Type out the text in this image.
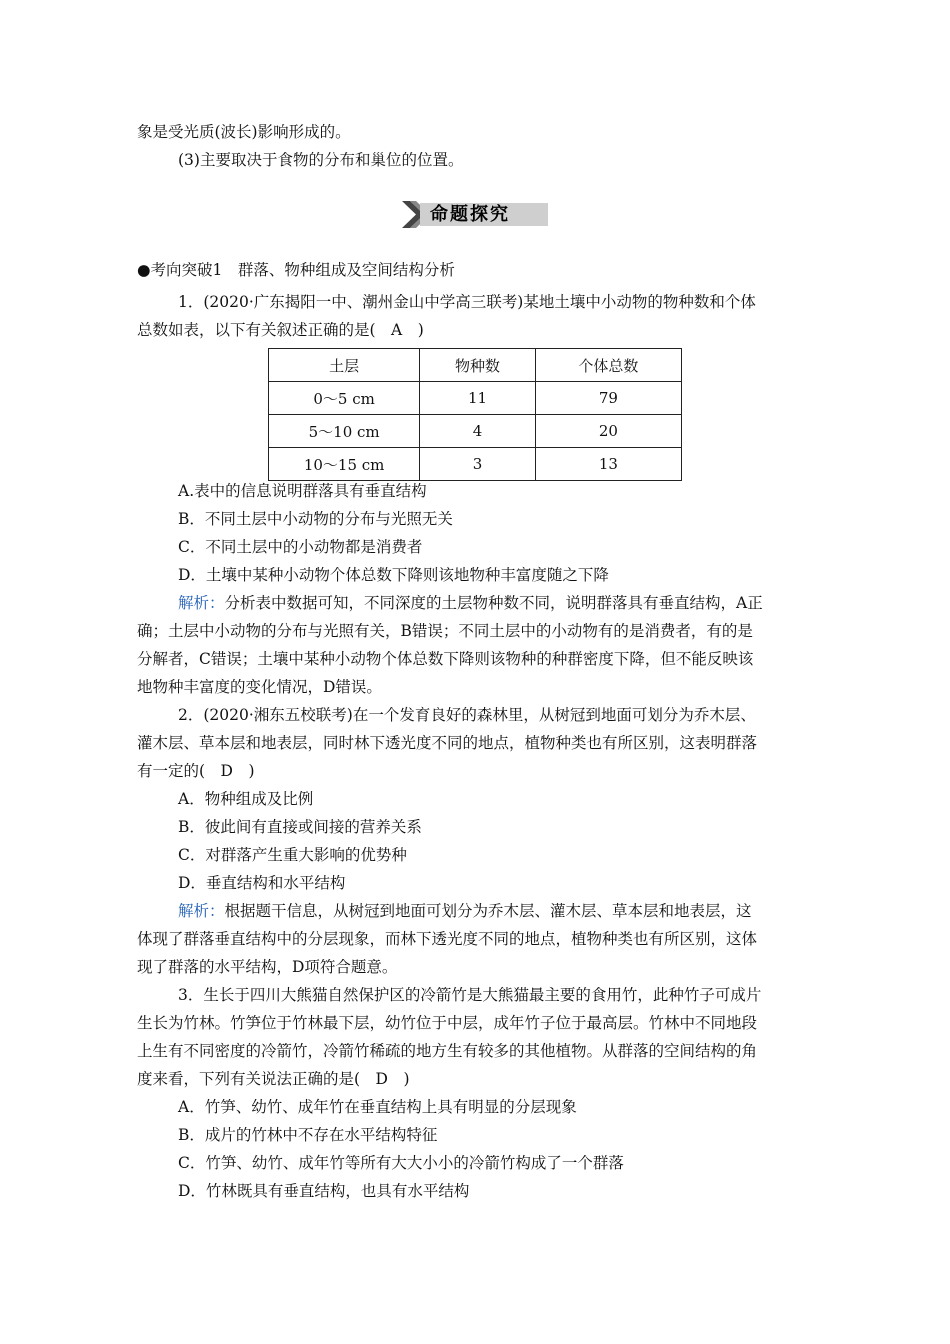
象是受光质(波长)影响形成的。
(3)主要取决于食物的分布和巢位的位置。
命题探究
●考向突破1　群落、物种组成及空间结构分析
1．(2020·广东揭阳一中、潮州金山中学高三联考)某地土壤中小动物的物种数和个体
总数如表，以下有关叙述正确的是(　A　)
土层	物种数	个体总数
0～5 cm	11	79
5～10 cm	4	20
10～15 cm	3	13
A.表中的信息说明群落具有垂直结构
B．不同土层中小动物的分布与光照无关
C．不同土层中的小动物都是消费者
D．土壤中某种小动物个体总数下降则该地物种丰富度随之下降
解析：分析表中数据可知，不同深度的土层物种数不同，说明群落具有垂直结构，A正
确；土层中小动物的分布与光照有关，B错误；不同土层中的小动物有的是消费者，有的是
分解者，C错误；土壤中某种小动物个体总数下降则该物种的种群密度下降，但不能反映该
地物种丰富度的变化情况，D错误。
2．(2020·湘东五校联考)在一个发育良好的森林里，从树冠到地面可划分为乔木层、
灌木层、草本层和地表层，同时林下透光度不同的地点，植物种类也有所区别，这表明群落
有一定的(　D　)
A．物种组成及比例
B．彼此间有直接或间接的营养关系
C．对群落产生重大影响的优势种
D．垂直结构和水平结构
解析：根据题干信息，从树冠到地面可划分为乔木层、灌木层、草本层和地表层，这
体现了群落垂直结构中的分层现象，而林下透光度不同的地点，植物种类也有所区别，这体
现了群落的水平结构，D项符合题意。
3．生长于四川大熊猫自然保护区的冷箭竹是大熊猫最主要的食用竹，此种竹子可成片
生长为竹林。竹笋位于竹林最下层，幼竹位于中层，成年竹子位于最高层。竹林中不同地段
上生有不同密度的冷箭竹，冷箭竹稀疏的地方生有较多的其他植物。从群落的空间结构的角
度来看，下列有关说法正确的是(　D　)
A．竹笋、幼竹、成年竹在垂直结构上具有明显的分层现象
B．成片的竹林中不存在水平结构特征
C．竹笋、幼竹、成年竹等所有大大小小的冷箭竹构成了一个群落
D．竹林既具有垂直结构，也具有水平结构
